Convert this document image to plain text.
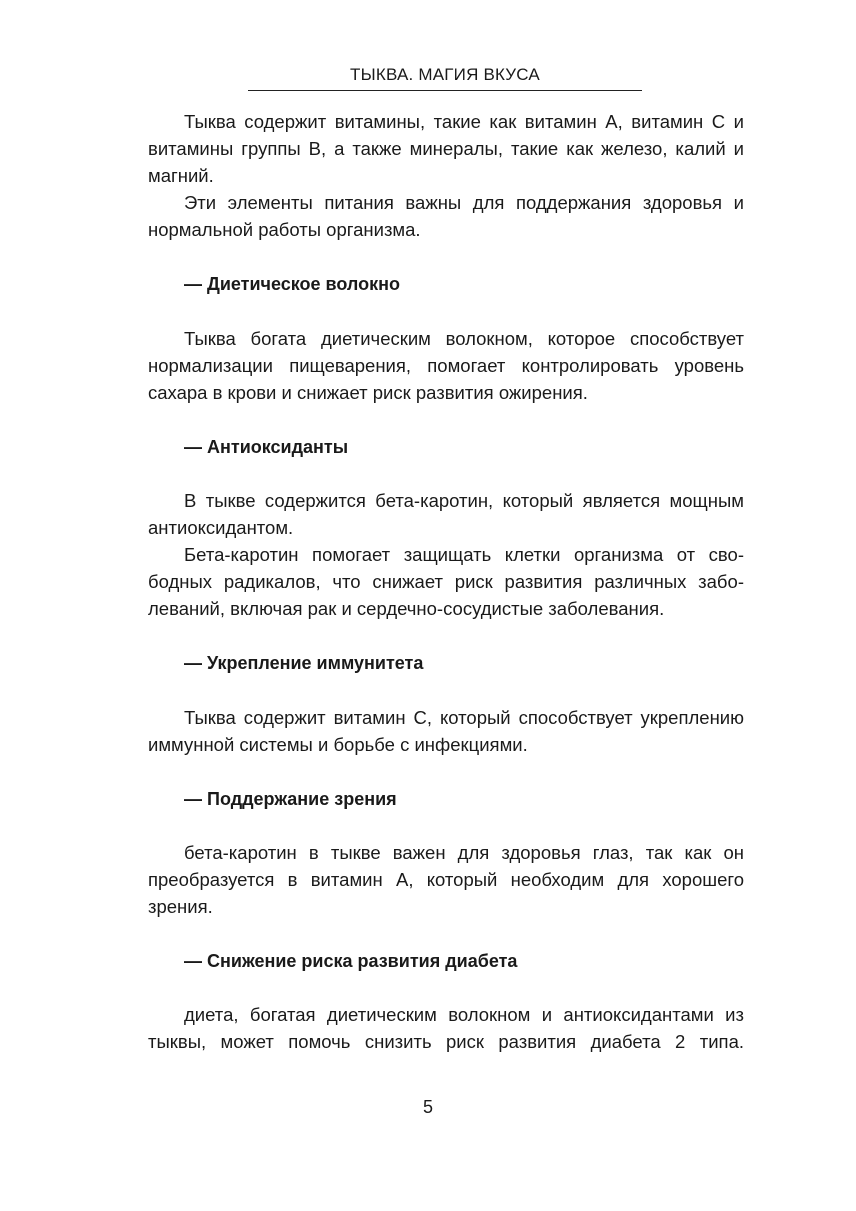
ТЫКВА. МАГИЯ ВКУСА

Тыква содержит витамины, такие как витамин А, витамин С и витамины группы В, а также минералы, такие как железо, калий и магний.

Эти элементы питания важны для поддержания здоровья и нормальной работы организма.

— Диетическое волокно

Тыква богата диетическим волокном, которое способствует нормализации пищеварения, помогает контролировать уровень сахара в крови и снижает риск развития ожирения.

— Антиоксиданты

В тыкве содержится бета-каротин, который является мощным антиоксидантом.

Бета-каротин помогает защищать клетки организма от свободных радикалов, что снижает риск развития различных заболеваний, включая рак и сердечно-сосудистые заболевания.

— Укрепление иммунитета

Тыква содержит витамин С, который способствует укреплению иммунной системы и борьбе с инфекциями.

— Поддержание зрения

бета-каротин в тыкве важен для здоровья глаз, так как он преобразуется в витамин А, который необходим для хорошего зрения.

— Снижение риска развития диабета

диета, богатая диетическим волокном и антиоксидантами из тыквы, может помочь снизить риск развития диабета 2 типа.

5
